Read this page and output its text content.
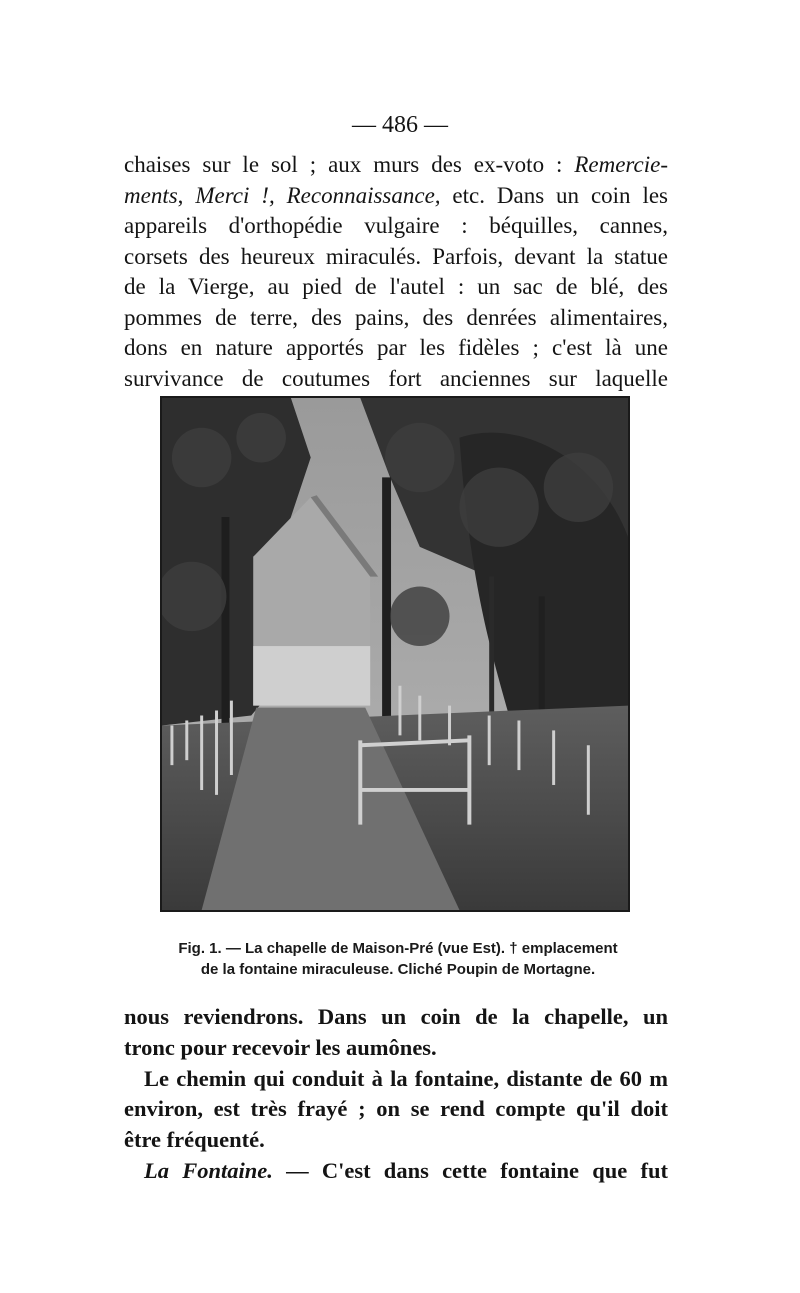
— 486 —

chaises sur le sol ; aux murs des ex-voto : Remercie-
ments, Merci !, Reconnaissance, etc. Dans un coin les
appareils d'orthopédie vulgaire : béquilles, cannes,
corsets des heureux miraculés. Parfois, devant la statue
de la Vierge, au pied de l'autel : un sac de blé, des
pommes de terre, des pains, des denrées alimentaires,
dons en nature apportés par les fidèles ; c'est là une
survivance de coutumes fort anciennes sur laquelle

Fig. 1. — La chapelle de Maison-Pré (vue Est). † emplacement
de la fontaine miraculeuse. Cliché Poupin de Mortagne.

nous reviendrons. Dans un coin de la chapelle, un
tronc pour recevoir les aumônes.
Le chemin qui conduit à la fontaine, distante de 60 m
environ, est très frayé ; on se rend compte qu'il doit
être fréquenté.
La Fontaine. — C'est dans cette fontaine que fut
